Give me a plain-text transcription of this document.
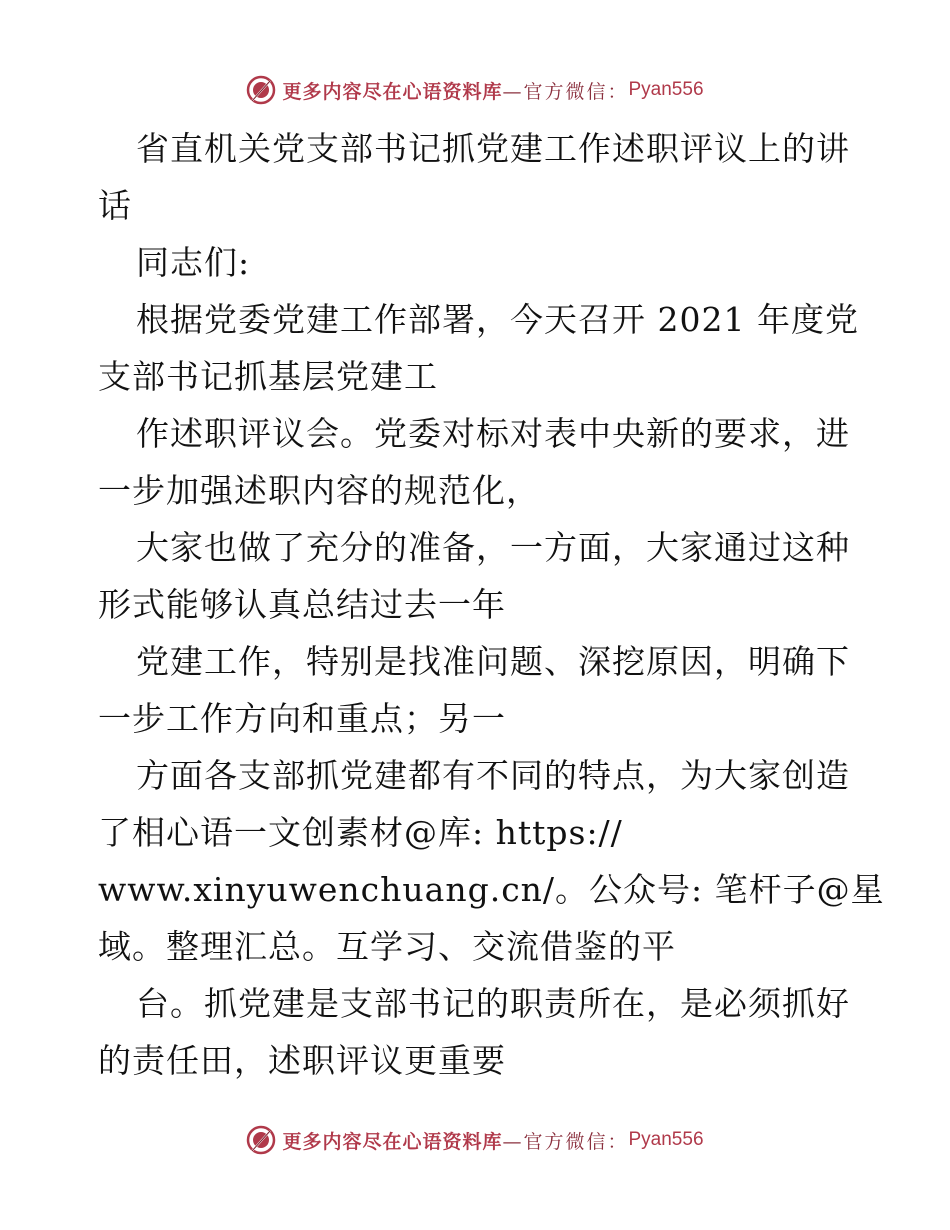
更多内容尽在心语资料库 —官方微信： Pyan556
省直机关党支部书记抓党建工作述职评议上的讲
话
同志们:
根据党委党建工作部署，今天召开 2021 年度党
支部书记抓基层党建工
作述职评议会。党委对标对表中央新的要求，进
一步加强述职内容的规范化，
大家也做了充分的准备，一方面，大家通过这种
形式能够认真总结过去一年
党建工作，特别是找准问题、深挖原因，明确下
一步工作方向和重点；另一
方面各支部抓党建都有不同的特点，为大家创造
了相心语一文创素材@库: https://
www.xinyuwenchuang.cn/。公众号: 笔杆子@星
域。整理汇总。互学习、交流借鉴的平
台。抓党建是支部书记的职责所在，是必须抓好
的责任田，述职评议更重要
更多内容尽在心语资料库 —官方微信： Pyan556
